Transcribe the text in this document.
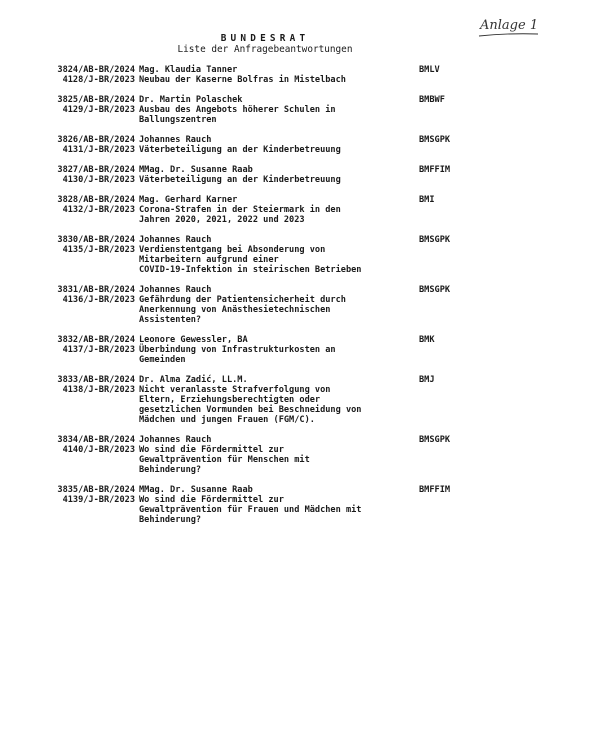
Anlage 1
BUNDESRAT
Liste der Anfragebeantwortungen
3824/AB-BR/2024
4128/J-BR/2023
Mag. Klaudia Tanner
Neubau der Kaserne Bolfras in Mistelbach
BMLV
3825/AB-BR/2024
4129/J-BR/2023
Dr. Martin Polaschek
Ausbau des Angebots höherer Schulen in
Ballungszentren
BMBWF
3826/AB-BR/2024
4131/J-BR/2023
Johannes Rauch
Väterbeteiligung an der Kinderbetreuung
BMSGPK
3827/AB-BR/2024
4130/J-BR/2023
MMag. Dr. Susanne Raab
Väterbeteiligung an der Kinderbetreuung
BMFFIM
3828/AB-BR/2024
4132/J-BR/2023
Mag. Gerhard Karner
Corona-Strafen in der Steiermark in den
Jahren 2020, 2021, 2022 und 2023
BMI
3830/AB-BR/2024
4135/J-BR/2023
Johannes Rauch
Verdienstentgang bei Absonderung von
Mitarbeitern aufgrund einer
COVID-19-Infektion in steirischen Betrieben
BMSGPK
3831/AB-BR/2024
4136/J-BR/2023
Johannes Rauch
Gefährdung der Patientensicherheit durch
Anerkennung von Anästhesietechnischen
Assistenten?
BMSGPK
3832/AB-BR/2024
4137/J-BR/2023
Leonore Gewessler, BA
Überbindung von Infrastrukturkosten an
Gemeinden
BMK
3833/AB-BR/2024
4138/J-BR/2023
Dr. Alma Zadić, LL.M.
Nicht veranlasste Strafverfolgung von
Eltern, Erziehungsberechtigten oder
gesetzlichen Vormunden bei Beschneidung von
Mädchen und jungen Frauen (FGM/C).
BMJ
3834/AB-BR/2024
4140/J-BR/2023
Johannes Rauch
Wo sind die Fördermittel zur
Gewaltprävention für Menschen mit
Behinderung?
BMSGPK
3835/AB-BR/2024
4139/J-BR/2023
MMag. Dr. Susanne Raab
Wo sind die Fördermittel zur
Gewaltprävention für Frauen und Mädchen mit
Behinderung?
BMFFIM
